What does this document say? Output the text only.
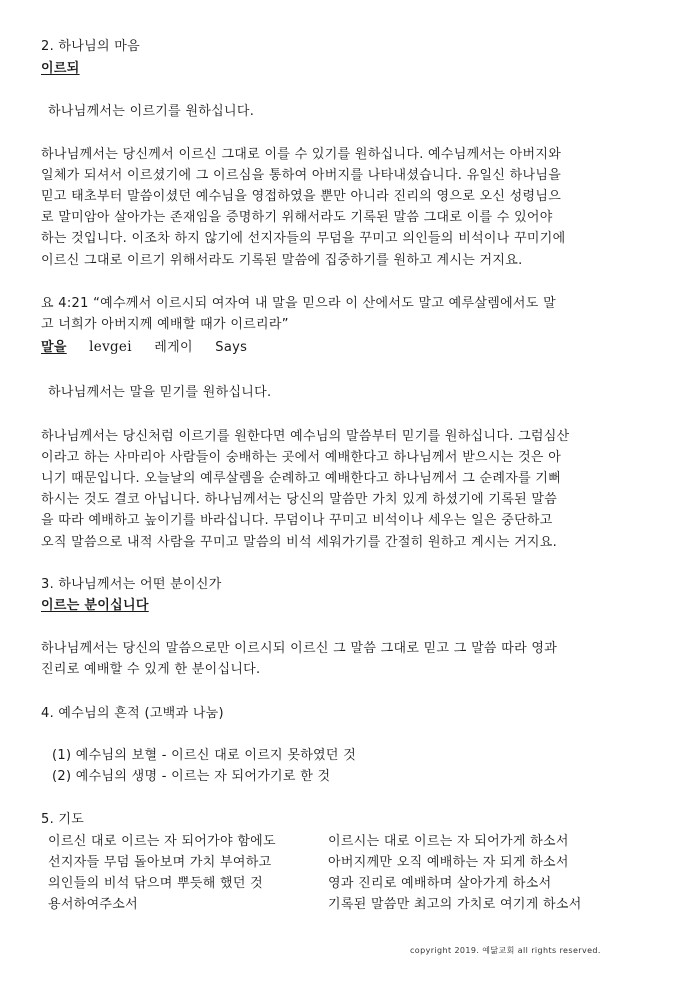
2. 하나님의 마음
이르되
하나님께서는 이르기를 원하십니다.
하나님께서는 당신께서 이르신 그대로 이를 수 있기를 원하십니다. 예수님께서는 아버지와
일체가 되셔서 이르셨기에 그 이르심을 통하여 아버지를 나타내셨습니다. 유일신 하나님을
믿고 태초부터 말씀이셨던 예수님을 영접하였을 뿐만 아니라 진리의 영으로 오신 성령님으
로 말미암아 살아가는 존재임을 증명하기 위해서라도 기록된 말씀 그대로 이를 수 있어야
하는 것입니다. 이조차 하지 않기에 선지자들의 무덤을 꾸미고 의인들의 비석이나 꾸미기에
이르신 그대로 이르기 위해서라도 기록된 말씀에 집중하기를 원하고 계시는 거지요.
요 4:21 “예수께서 이르시되 여자여 내 말을 믿으라 이 산에서도 말고 예루살렘에서도 말
고 너희가 아버지께 예배할 때가 이르리라”
말을 levgei 레게이 Says
하나님께서는 말을 믿기를 원하십니다.
하나님께서는 당신처럼 이르기를 원한다면 예수님의 말씀부터 믿기를 원하십니다. 그럼심산
이라고 하는 사마리아 사람들이 숭배하는 곳에서 예배한다고 하나님께서 받으시는 것은 아
니기 때문입니다. 오늘날의 예루살렘을 순례하고 예배한다고 하나님께서 그 순례자를 기뻐
하시는 것도 결코 아닙니다. 하나님께서는 당신의 말씀만 가치 있게 하셨기에 기록된 말씀
을 따라 예배하고 높이기를 바라십니다. 무덤이나 꾸미고 비석이나 세우는 일은 중단하고
오직 말씀으로 내적 사람을 꾸미고 말씀의 비석 세워가기를 간절히 원하고 계시는 거지요.
3. 하나님께서는 어떤 분이신가
이르는 분이십니다
하나님께서는 당신의 말씀으로만 이르시되 이르신 그 말씀 그대로 믿고 그 말씀 따라 영과
진리로 예배할 수 있게 한 분이십니다.
4. 예수님의 흔적 (고백과 나눔)
(1) 예수님의 보혈 - 이르신 대로 이르지 못하였던 것
(2) 예수님의 생명 - 이르는 자 되어가기로 한 것
5. 기도
이르신 대로 이르는 자 되어가야 함에도
선지자들 무덤 돌아보며 가치 부여하고
의인들의 비석 닦으며 뿌듯해 했던 것
용서하여주소서
이르시는 대로 이르는 자 되어가게 하소서
아버지께만 오직 예배하는 자 되게 하소서
영과 진리로 예배하며 살아가게 하소서
기록된 말씀만 최고의 가치로 여기게 하소서
copyright 2019. 예닮교회 all rights reserved.
